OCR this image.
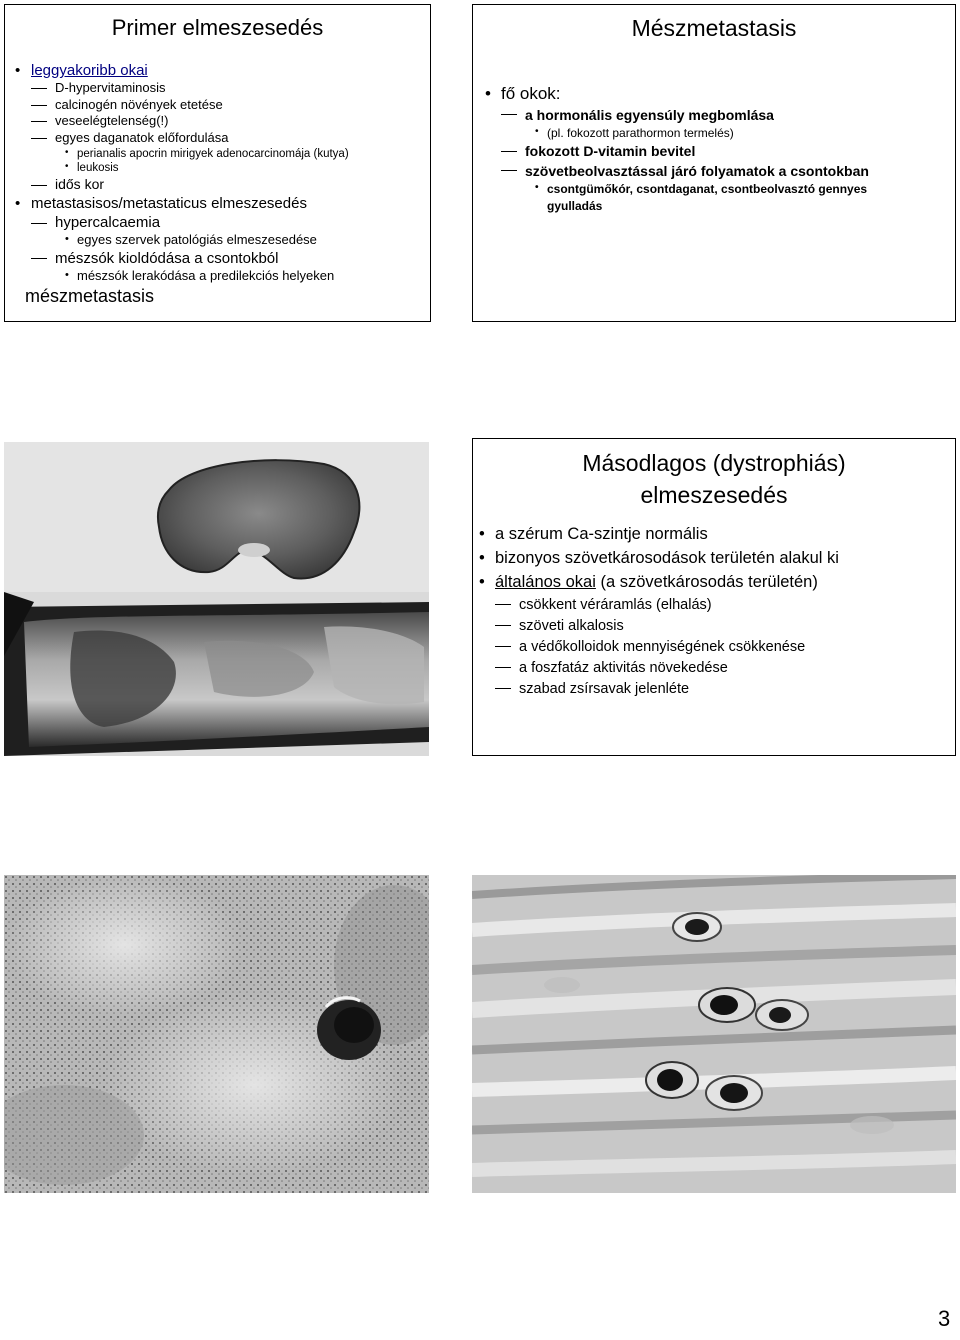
Primer elmeszesedés
• leggyakoribb okai
D-hypervitaminosis
calcinogén növények etetése
veseelégtelenség(!)
egyes daganatok előfordulása
• perianalis apocrin mirigyek adenocarcinomája (kutya)
• leukosis
idős kor
• metastasisos/metastaticus elmeszesedés
hypercalcaemia
• egyes szervek patológiás elmeszesedése
mészsók kioldódása a csontokból
• mészsók lerakódása a predilekciós helyeken
mészmetastasis
Mészmetastasis
• fő okok:
a hormonális egyensúly megbomlása
• (pl. fokozott parathormon termelés)
fokozott D-vitamin bevitel
szövetbeolvasztással járó folyamatok a csontokban
• csontgümőkór, csontdaganat, csontbeolvasztó gennyes gyulladás
Másodlagos (dystrophiás) elmeszesedés
• a szérum Ca-szintje normális
• bizonyos szövetkárosodások területén alakul ki
• általános okai (a szövetkárosodás területén)
csökkent véráramlás (elhalás)
szöveti alkalosis
a védőkolloidok mennyiségének csökkenése
a foszfatáz aktivitás növekedése
szabad zsírsavak jelenléte
3
